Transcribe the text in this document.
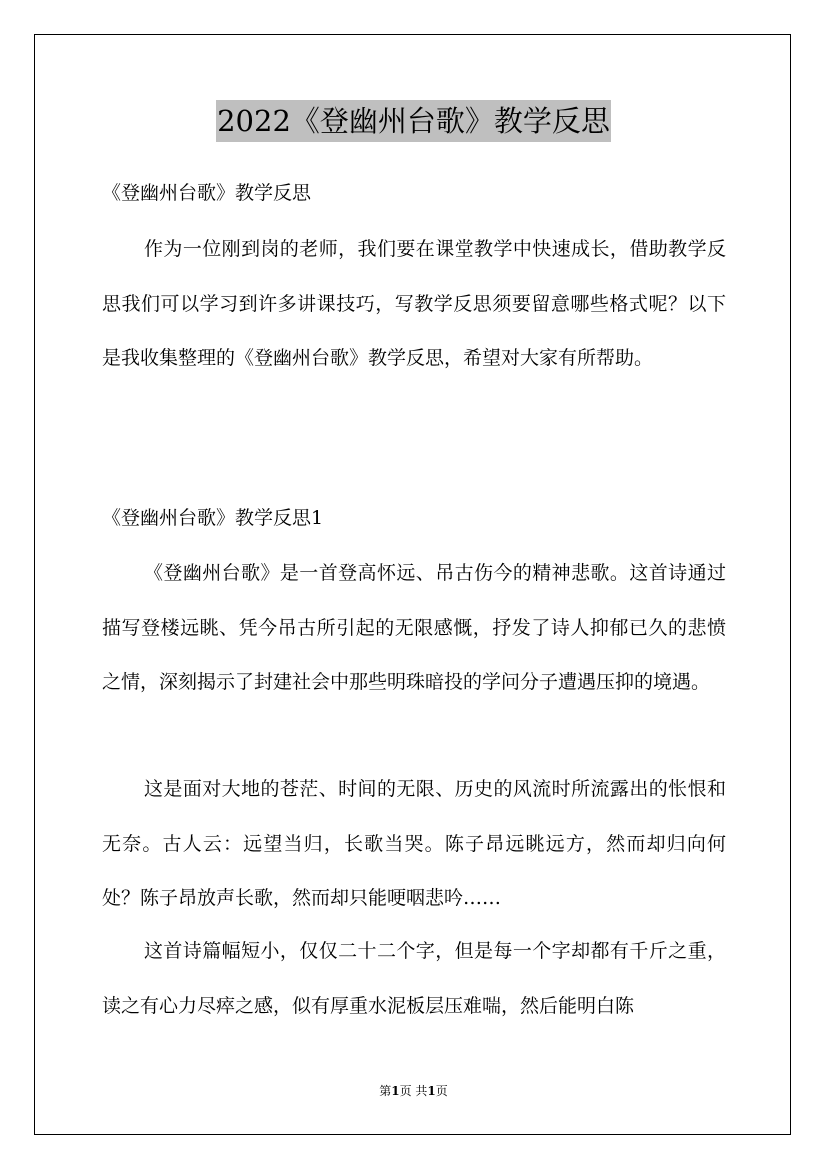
2022《登幽州台歌》教学反思
《登幽州台歌》教学反思
作为一位刚到岗的老师，我们要在课堂教学中快速成长，借助教学反思我们可以学习到许多讲课技巧，写教学反思须要留意哪些格式呢？以下是我收集整理的《登幽州台歌》教学反思，希望对大家有所帮助。
《登幽州台歌》教学反思1
《登幽州台歌》是一首登高怀远、吊古伤今的精神悲歌。这首诗通过描写登楼远眺、凭今吊古所引起的无限感慨，抒发了诗人抑郁已久的悲愤之情，深刻揭示了封建社会中那些明珠暗投的学问分子遭遇压抑的境遇。
这是面对大地的苍茫、时间的无限、历史的风流时所流露出的怅恨和无奈。古人云：远望当归，长歌当哭。陈子昂远眺远方，然而却归向何处？陈子昂放声长歌，然而却只能哽咽悲吟……
这首诗篇幅短小，仅仅二十二个字，但是每一个字却都有千斤之重，读之有心力尽瘁之感，似有厚重水泥板层压难喘，然后能明白陈
第1页 共1页
